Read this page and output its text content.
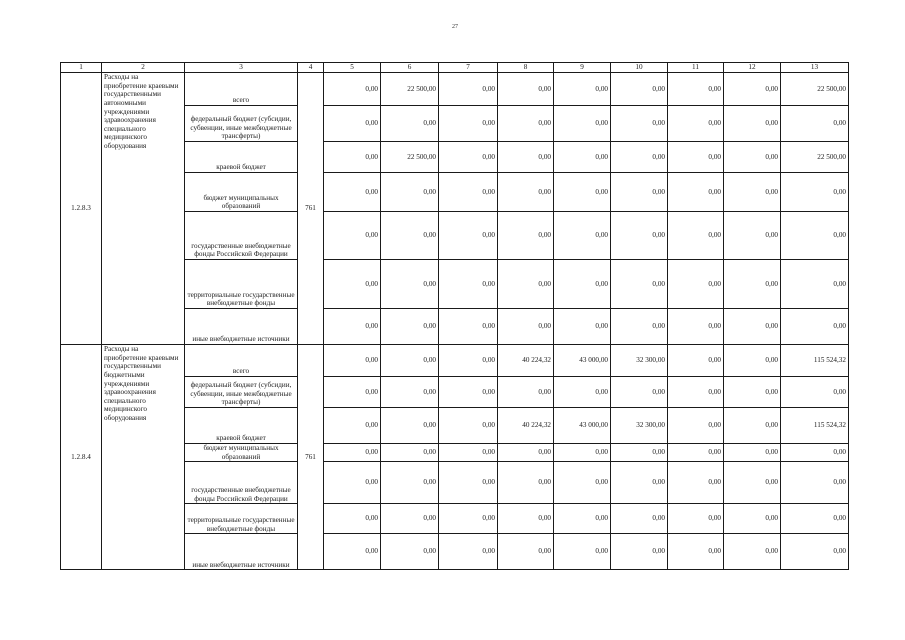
27
1	2	3	4	5	6	7	8	9	10	11	12	13
1.2.8.3	Расходы на приобретение краевыми государственными автономными учреждениями здравоохранения специального медицинского оборудования	всего	761	0,00	22 500,00	0,00	0,00	0,00	0,00	0,00	0,00	22 500,00
		федеральный бюджет (субсидии, субвенции, иные межбюджетные трансферты)		0,00	0,00	0,00	0,00	0,00	0,00	0,00	0,00	0,00
		краевой бюджет		0,00	22 500,00	0,00	0,00	0,00	0,00	0,00	0,00	22 500,00
		бюджет муниципальных образований		0,00	0,00	0,00	0,00	0,00	0,00	0,00	0,00	0,00
		государственные внебюджетные фонды Российской Федерации		0,00	0,00	0,00	0,00	0,00	0,00	0,00	0,00	0,00
		территориальные государственные внебюджетные фонды		0,00	0,00	0,00	0,00	0,00	0,00	0,00	0,00	0,00
		иные внебюджетные источники		0,00	0,00	0,00	0,00	0,00	0,00	0,00	0,00	0,00
1.2.8.4	Расходы на приобретение краевыми государственными бюджетными учреждениями здравоохранения специального медицинского оборудования	всего	761	0,00	0,00	0,00	40 224,32	43 000,00	32 300,00	0,00	0,00	115 524,32
		федеральный бюджет (субсидии, субвенции, иные межбюджетные трансферты)		0,00	0,00	0,00	0,00	0,00	0,00	0,00	0,00	0,00
		краевой бюджет		0,00	0,00	0,00	40 224,32	43 000,00	32 300,00	0,00	0,00	115 524,32
		бюджет муниципальных образований		0,00	0,00	0,00	0,00	0,00	0,00	0,00	0,00	0,00
		государственные внебюджетные фонды Российской Федерации		0,00	0,00	0,00	0,00	0,00	0,00	0,00	0,00	0,00
		территориальные государственные внебюджетные фонды		0,00	0,00	0,00	0,00	0,00	0,00	0,00	0,00	0,00
		иные внебюджетные источники		0,00	0,00	0,00	0,00	0,00	0,00	0,00	0,00	0,00
